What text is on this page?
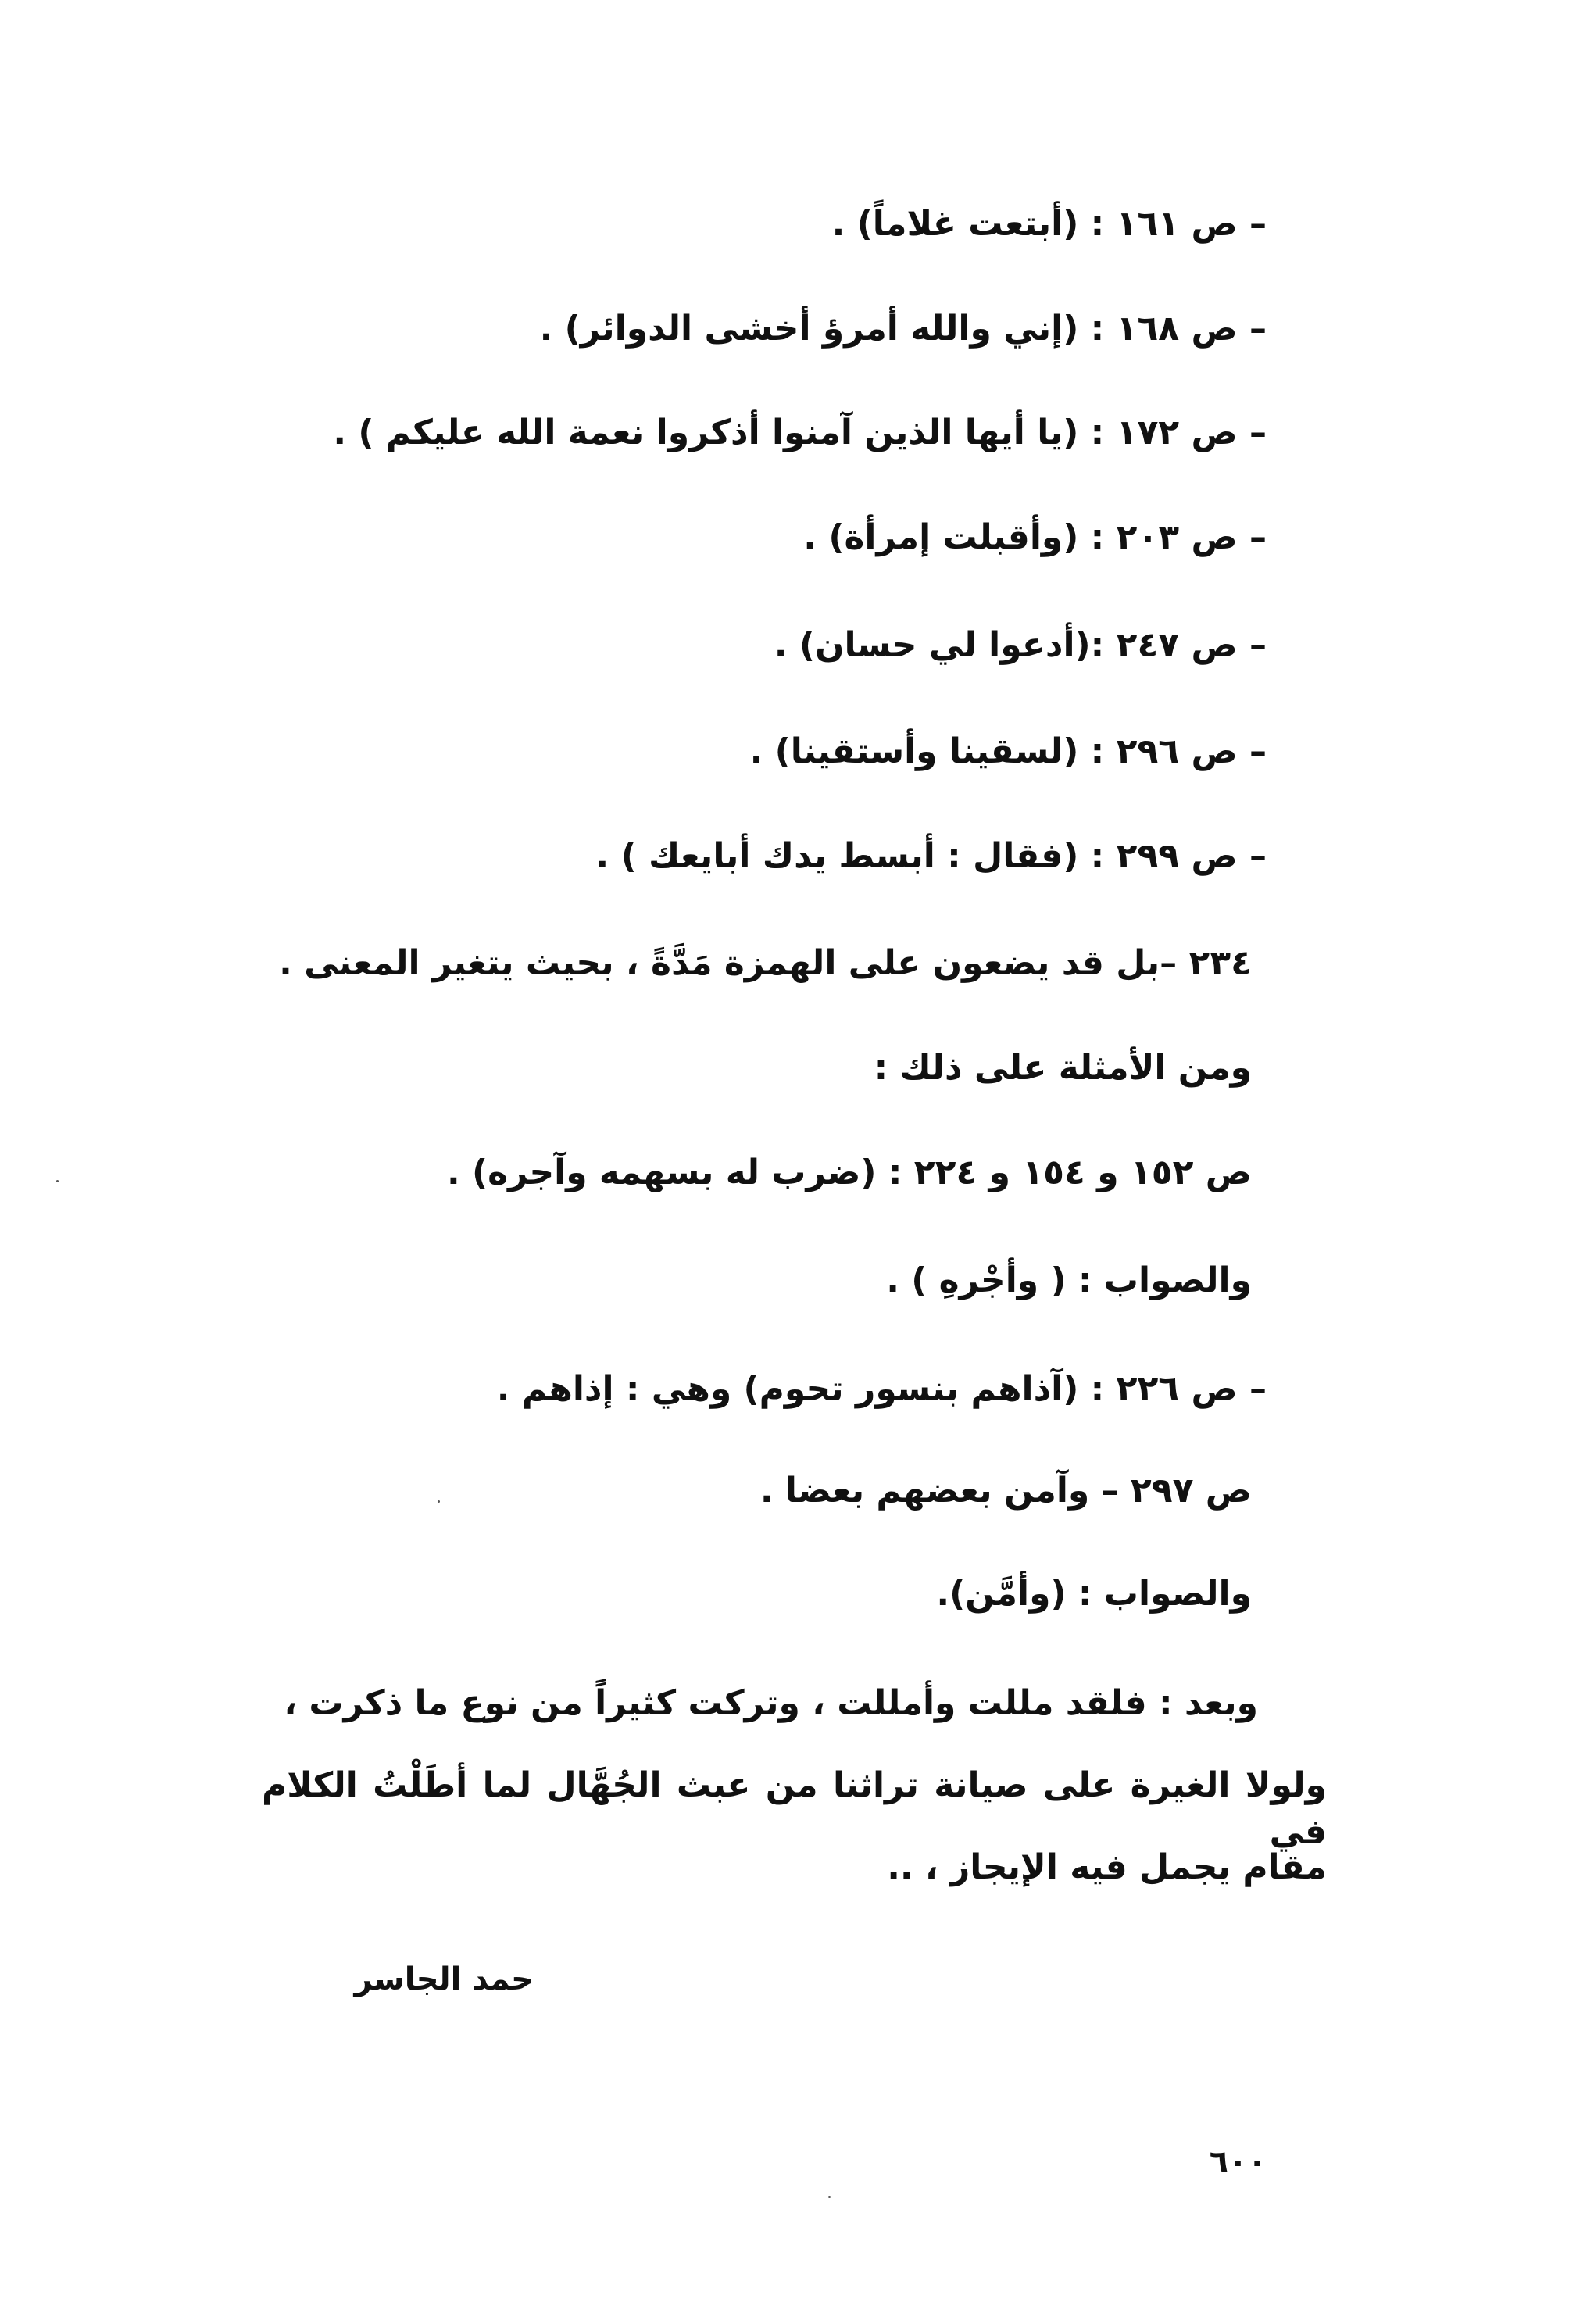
– ص ١٦١ : (أبتعت غلاماً) .
– ص ١٦٨ : (إني والله أمرؤ أخشى الدوائر) .
– ص ١٧٢ : (يا أيها الذين آمنوا أذكروا نعمة الله عليكم ) .
– ص ٢٠٣ : (وأقبلت إمرأة) .
– ص ٢٤٧ :(أدعوا لي حسان) .
– ص ٢٩٦ : (لسقينا وأستقينا) .
– ص ٢٩٩ : (فقال : أبسط يدك أبايعك ) .
٢٣٤ –بل قد يضعون على الهمزة مَدَّةً ، بحيث يتغير المعنى .
ومن الأمثلة على ذلك :
ص ١٥٢ و ١٥٤ و ٢٢٤ : (ضرب له بسهمه وآجره) .
والصواب : ( وأجْرهِ ) .
– ص ٢٢٦ : (آذاهم بنسور تحوم) وهي : إذاهم .
ص ٢٩٧ – وآمن بعضهم بعضا .
والصواب : (وأمَّن).
وبعد : فلقد مللت وأمللت ، وتركت كثيراً من نوع ما ذكرت ،
ولولا الغيرة على صيانة تراثنا من عبث الجُهَّال لما أطَلْتُ الكلام في
مقام يجمل فيه الإيجاز ، ..
حمد الجاسر
٦٠٠
